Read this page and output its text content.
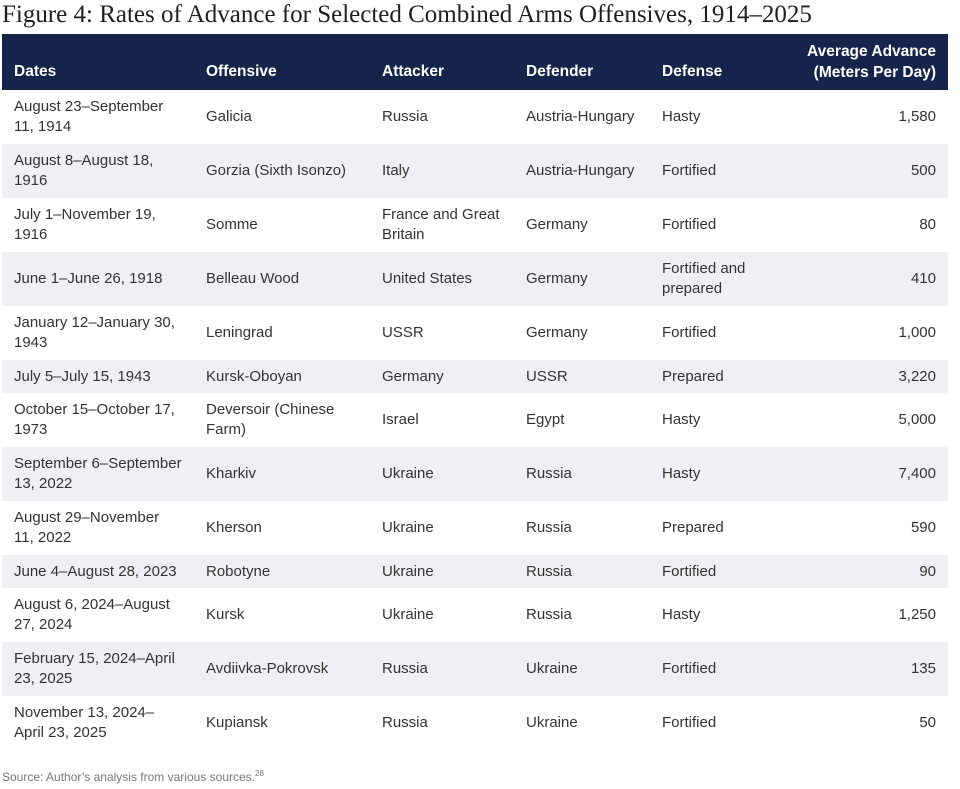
Figure 4: Rates of Advance for Selected Combined Arms Offensives, 1914–2025
Dates	Offensive	Attacker	Defender	Defense	Average Advance
(Meters Per Day)
August 23–September 11, 1914	Galicia	Russia	Austria-Hungary	Hasty	1,580
August 8–August 18, 1916	Gorzia (Sixth Isonzo)	Italy	Austria-Hungary	Fortified	500
July 1–November 19, 1916	Somme	France and Great Britain	Germany	Fortified	80
June 1–June 26, 1918	Belleau Wood	United States	Germany	Fortified and prepared	410
January 12–January 30, 1943	Leningrad	USSR	Germany	Fortified	1,000
July 5–July 15, 1943	Kursk-Oboyan	Germany	USSR	Prepared	3,220
October 15–October 17, 1973	Deversoir (Chinese Farm)	Israel	Egypt	Hasty	5,000
September 6–September 13, 2022	Kharkiv	Ukraine	Russia	Hasty	7,400
August 29–November 11, 2022	Kherson	Ukraine	Russia	Prepared	590
June 4–August 28, 2023	Robotyne	Ukraine	Russia	Fortified	90
August 6, 2024–August 27, 2024	Kursk	Ukraine	Russia	Hasty	1,250
February 15, 2024–April 23, 2025	Avdiivka-Pokrovsk	Russia	Ukraine	Fortified	135
November 13, 2024–April 23, 2025	Kupiansk	Russia	Ukraine	Fortified	50
Source: Author’s analysis from various sources.$^{28}$
